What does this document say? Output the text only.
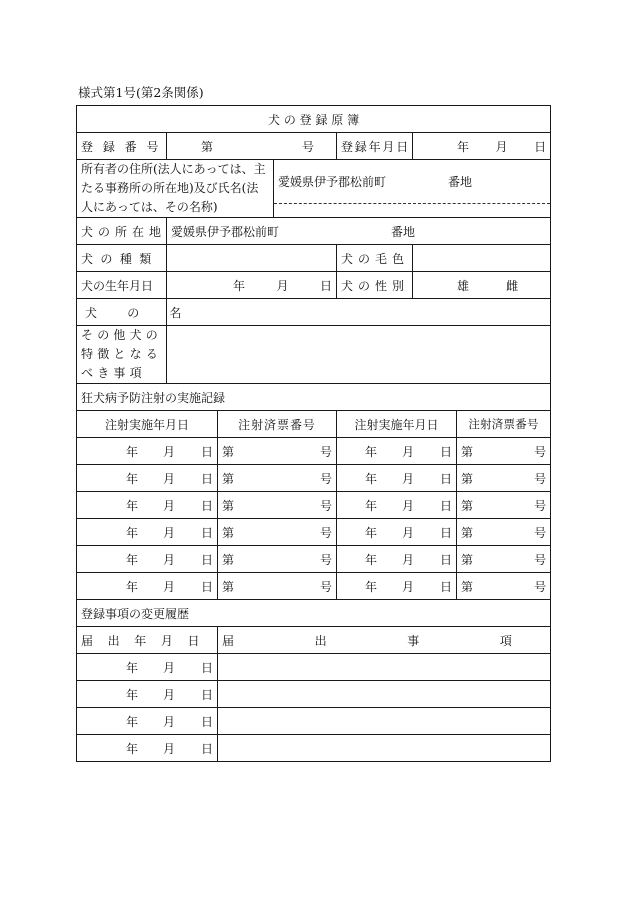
様式第1号(第2条関係)
犬 の 登 録 原 簿						
登 録 番 号	第 号			登録年月日	年 月 日	

所有者の住所(法人にあっては、主たる事務所の所在地)及び氏名(法人にあっては、その名称)			愛媛県伊予郡松前町 番地			

犬 の 所 在 地	愛媛県伊予郡松前町 番地					

犬 の 種 類				犬 の 毛 色		
犬の生年月日	年 月 日			犬 の 性 別	雄 雌	

犬 の 名						
その他犬の特徴となるべき事項						
狂犬病予防注射の実施記録						
注射実施年月日		注射済票番号		注射実施年月日		注射済票番号

年 月 日		第 号		年 月 日		第 号

年 月 日		第 号		年 月 日		第 号

年 月 日		第 号		年 月 日		第 号

年 月 日		第 号		年 月 日		第 号

年 月 日		第 号		年 月 日		第 号

年 月 日		第 号		年 月 日		第 号

登録事項の変更履歴						
届 出 年 月 日		届 出 事 項				

年 月 日						

年 月 日						

年 月 日						

年 月 日						
